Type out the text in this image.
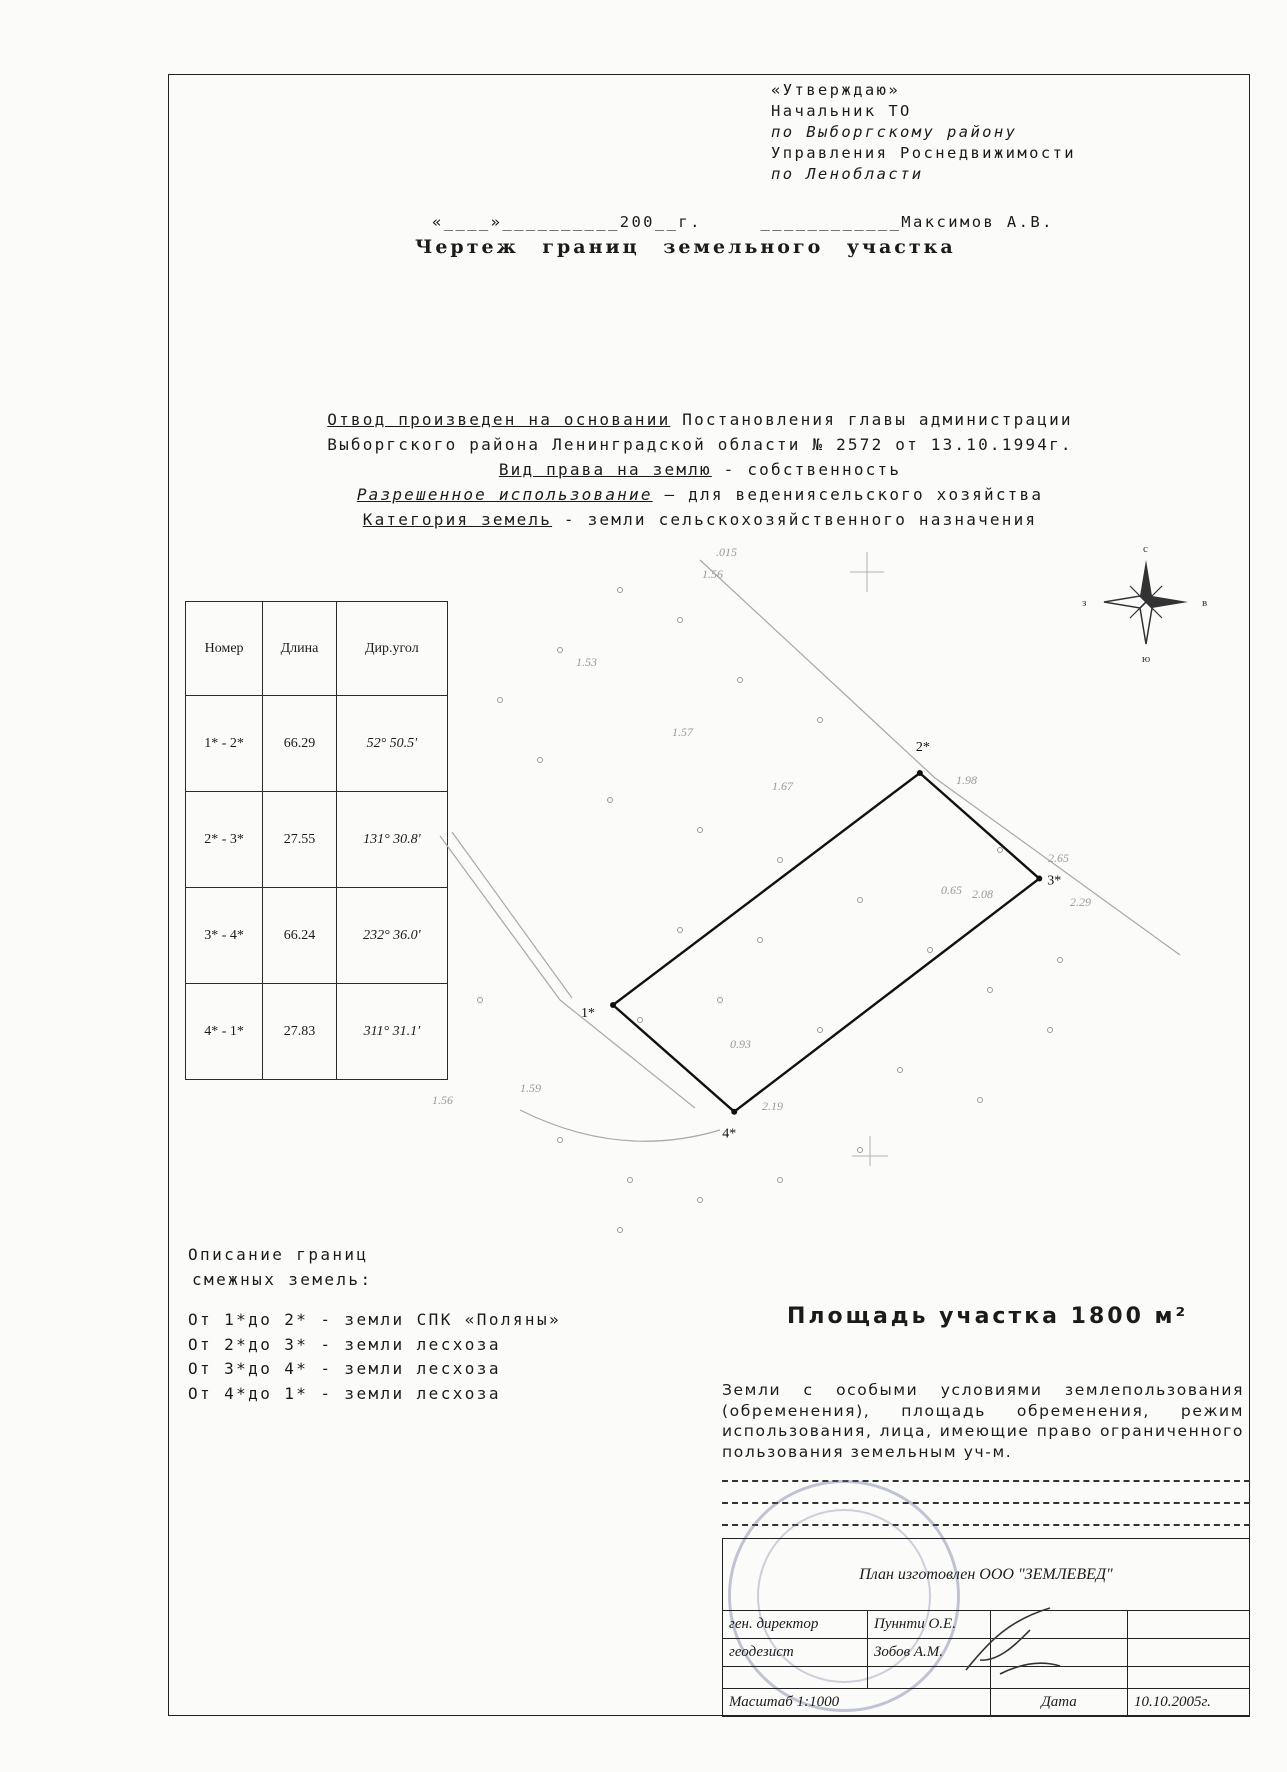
«Утверждаю»
Начальник ТО
по Выборгскому району
Управления Роснедвижимости
по Ленобласти
«____»__________200__г.	____________Максимов А.В.
Чертеж границ земельного участка
Отвод произведен на основании Постановления главы администрации
Выборгского района Ленинградской области № 2572 от 13.10.1994г.
Вид права на землю - собственность
Разрешенное использование – для ведениясельского хозяйства
Категория земель - земли сельскохозяйственного назначения
Номер	Длина	Дир.угол
1* - 2*	66.29	52° 50.5'
2* - 3*	27.55	131° 30.8'
3* - 4*	66.24	232° 36.0'
4* - 1*	27.83	311° 31.1'
.015
1.56
1.53
1.57
1.67	1.98
2.65
0.65 2.08
2.29
0.93
2.19
1.59
1.56
с
ю
з	в
1*
2*
3*
4*
Описание границ
смежных земель:
От 1*до 2* - земли СПК «Поляны»
От 2*до 3* - земли лесхоза
От 3*до 4* - земли лесхоза
От 4*до 1* - земли лесхоза
Площадь участка 1800 м²
Земли с особыми условиями землепользования (обременения), площадь обременения, режим использования, лица, имеющие право ограниченного пользования земельным уч-м.
План изготовлен ООО "ЗЕМЛЕВЕД"			
ген. директор	Пуннти О.Е.		
геодезист	Зобов А.М.		

Масштаб 1:1000		Дата	10.10.2005г.
